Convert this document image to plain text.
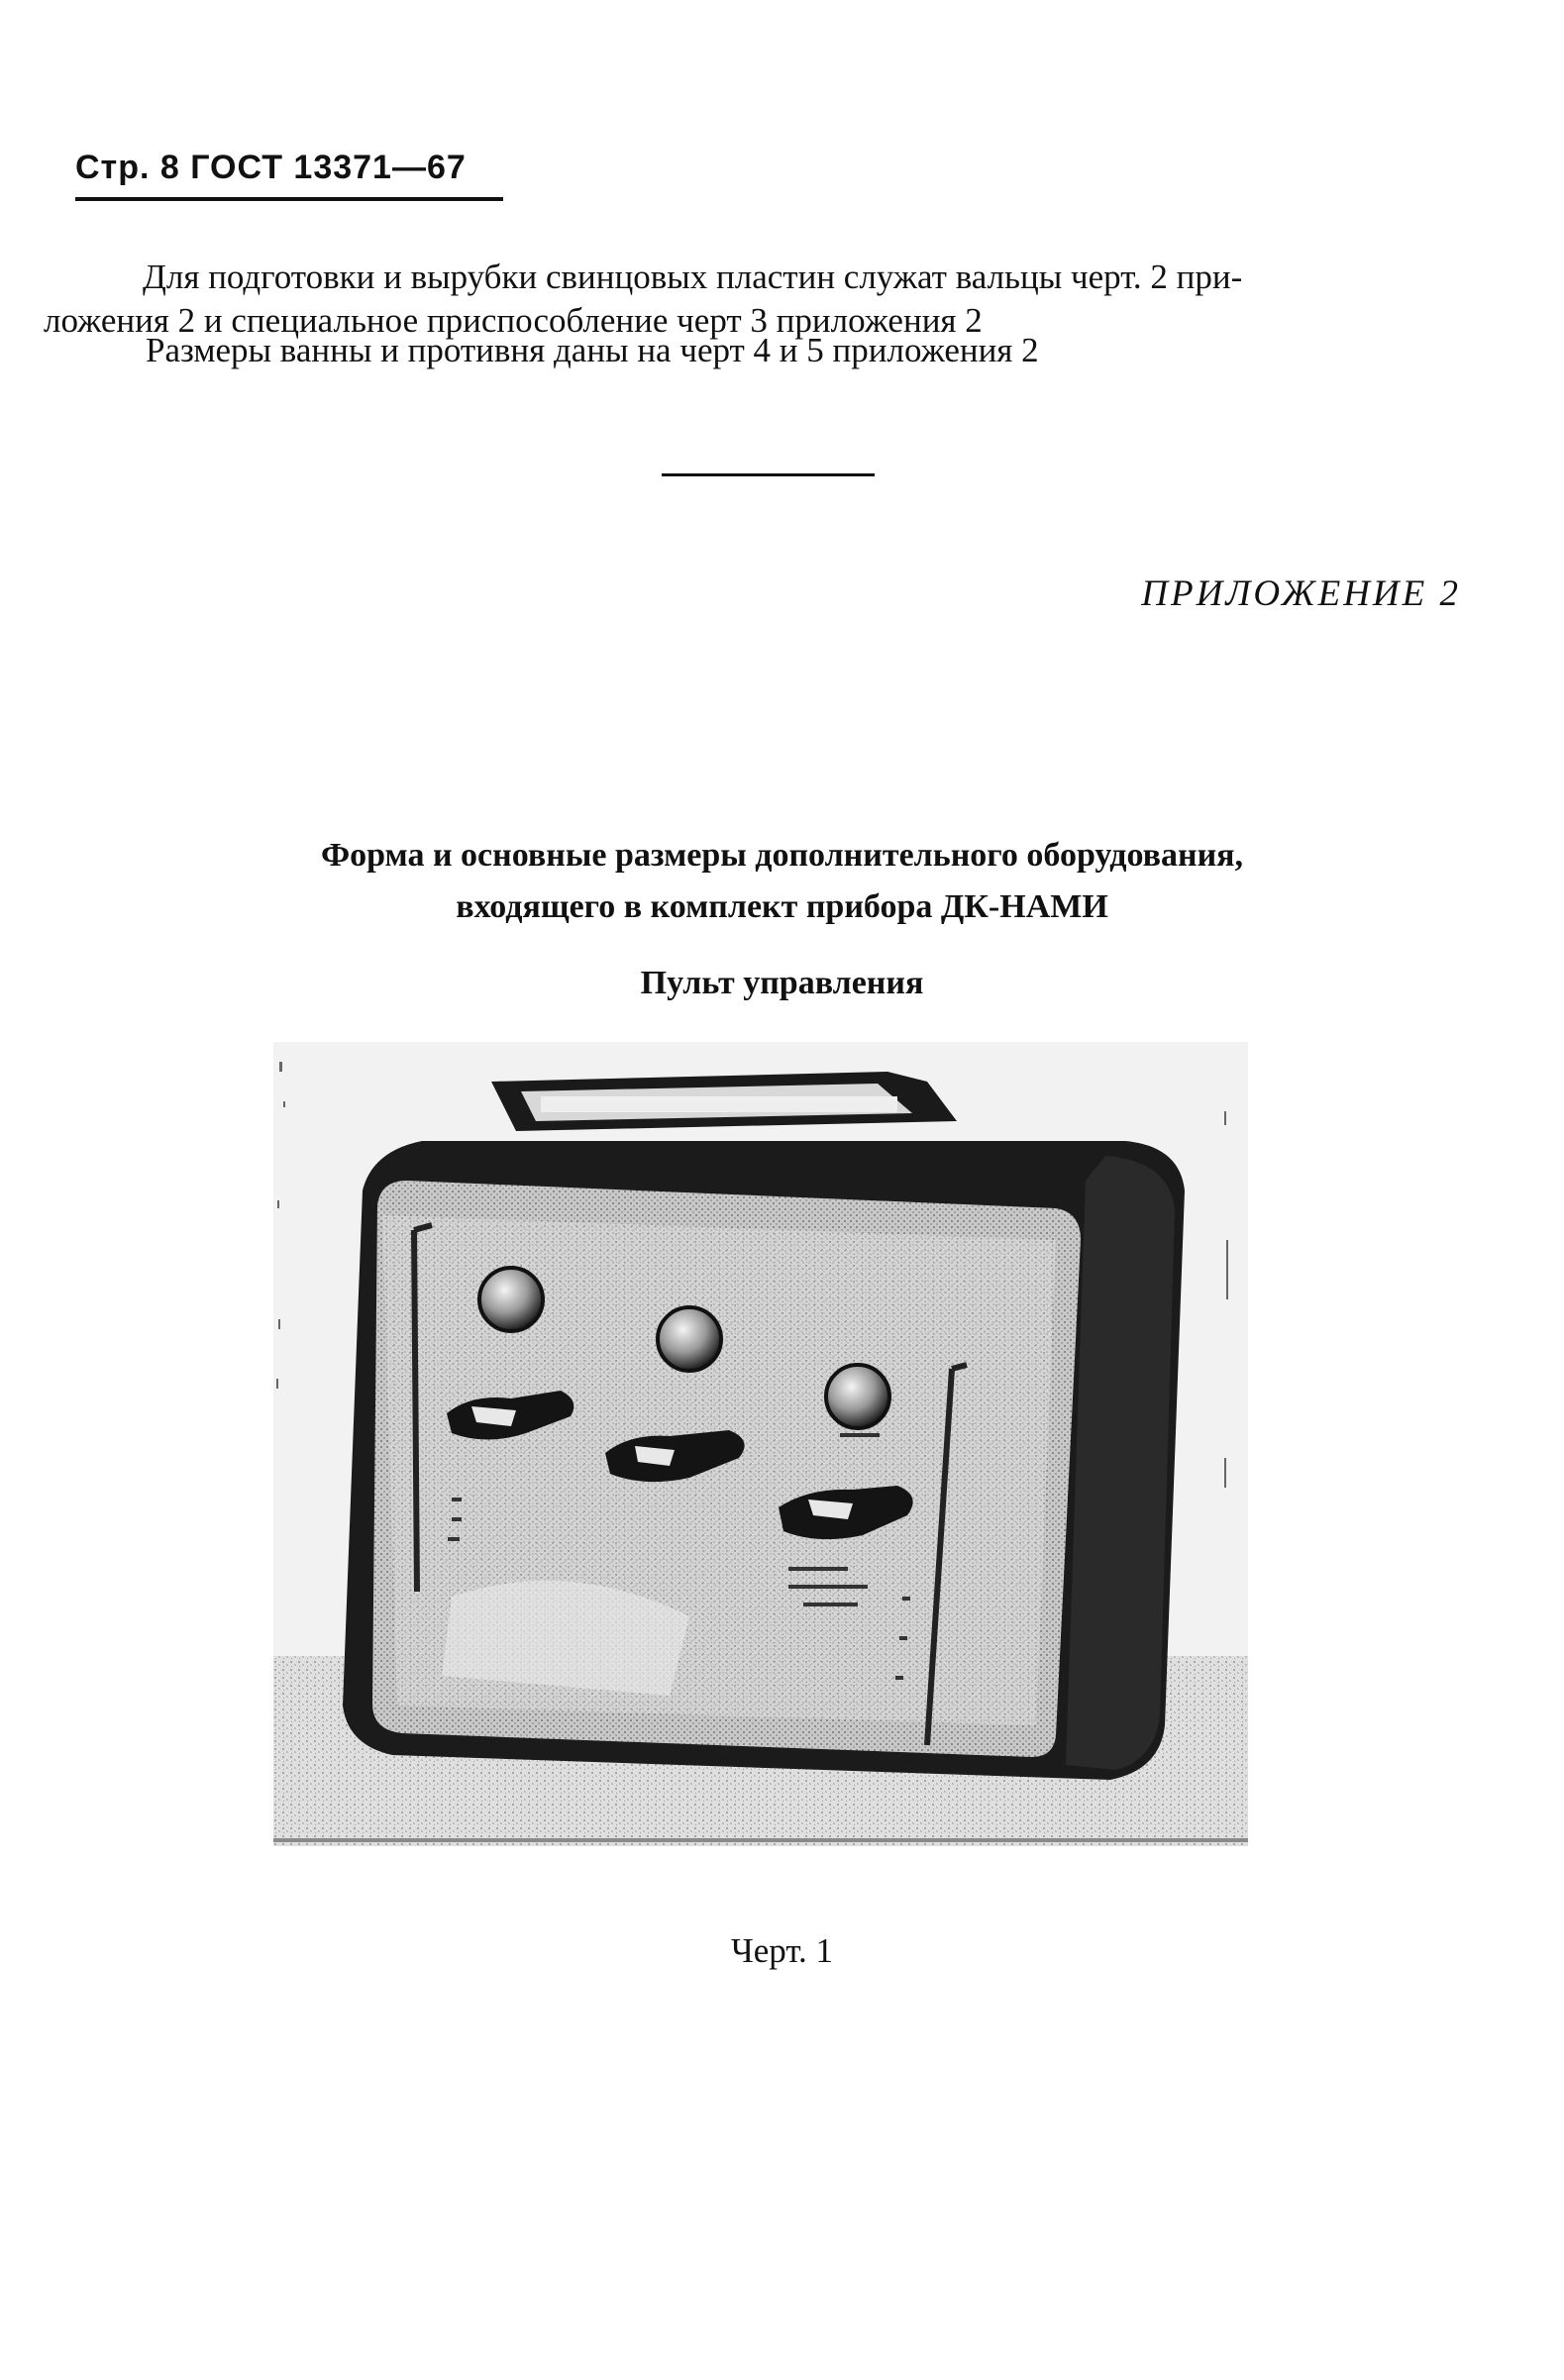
Стр. 8 ГОСТ 13371—67

Для подготовки и вырубки свинцовых пластин служат вальцы черт. 2 при-
ложения 2 и специальное приспособление черт 3 приложения 2

Размеры ванны и противня даны на черт 4 и 5 приложения 2

ПРИЛОЖЕНИЕ 2
Форма и основные размеры дополнительного оборудования,
входящего в комплект прибора ДК-НАМИ
Пульт управления
Черт. 1
